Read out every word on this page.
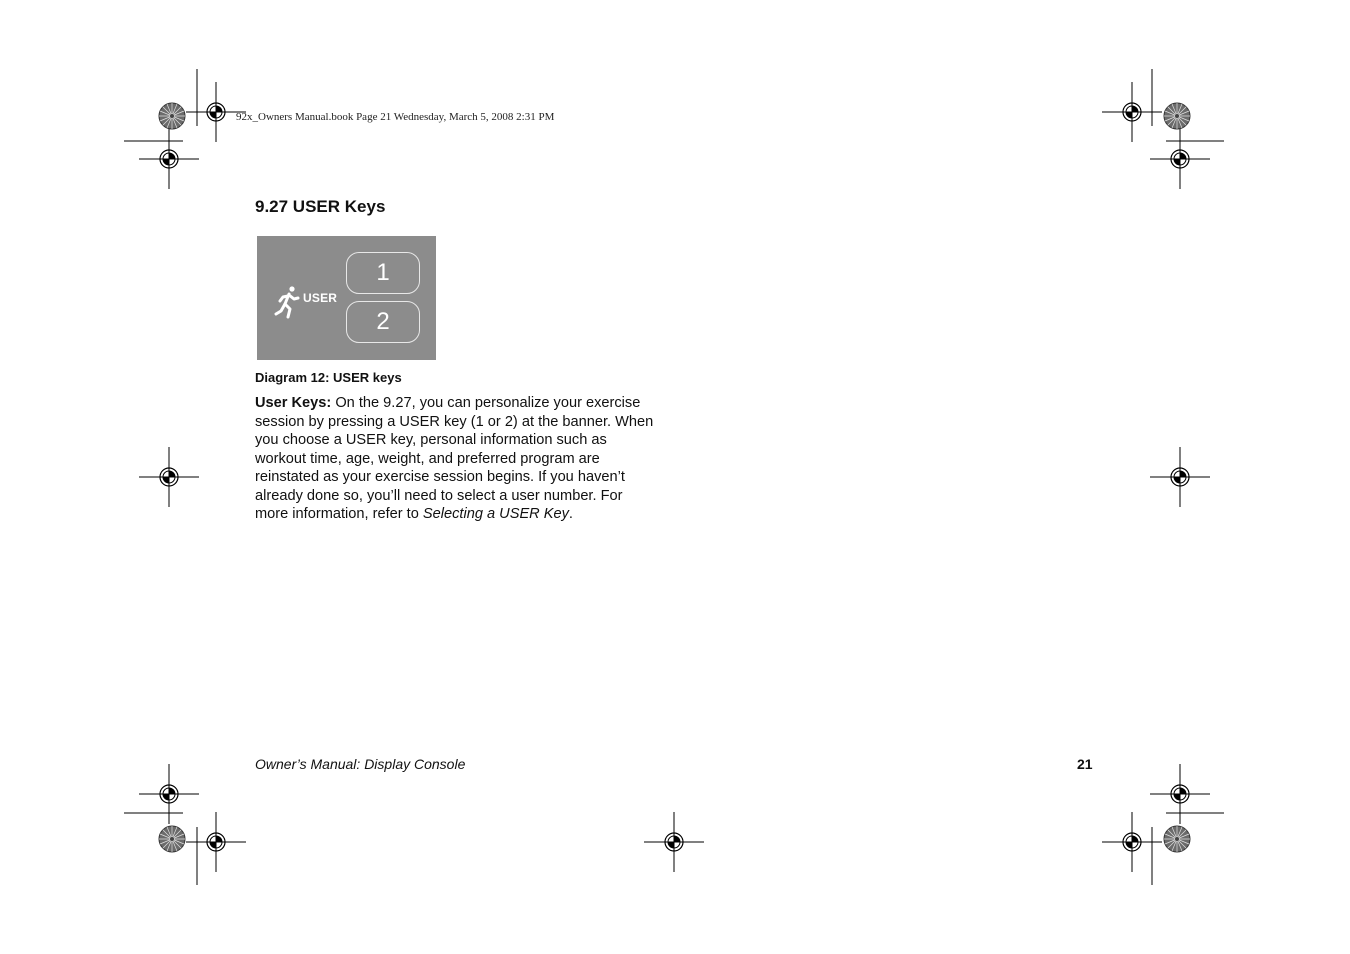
92x_Owners Manual.book Page 21 Wednesday, March 5, 2008 2:31 PM
9.27 USER Keys
USER
1
2
Diagram 12: USER keys

User Keys: On the 9.27, you can personalize your exercise session by pressing a USER key (1 or 2) at the banner. When you choose a USER key, personal information such as workout time, age, weight, and preferred program are reinstated as your exercise session begins. If you haven’t already done so, you’ll need to select a user number. For more information, refer to Selecting a USER Key.

Owner’s Manual: Display Console	21
